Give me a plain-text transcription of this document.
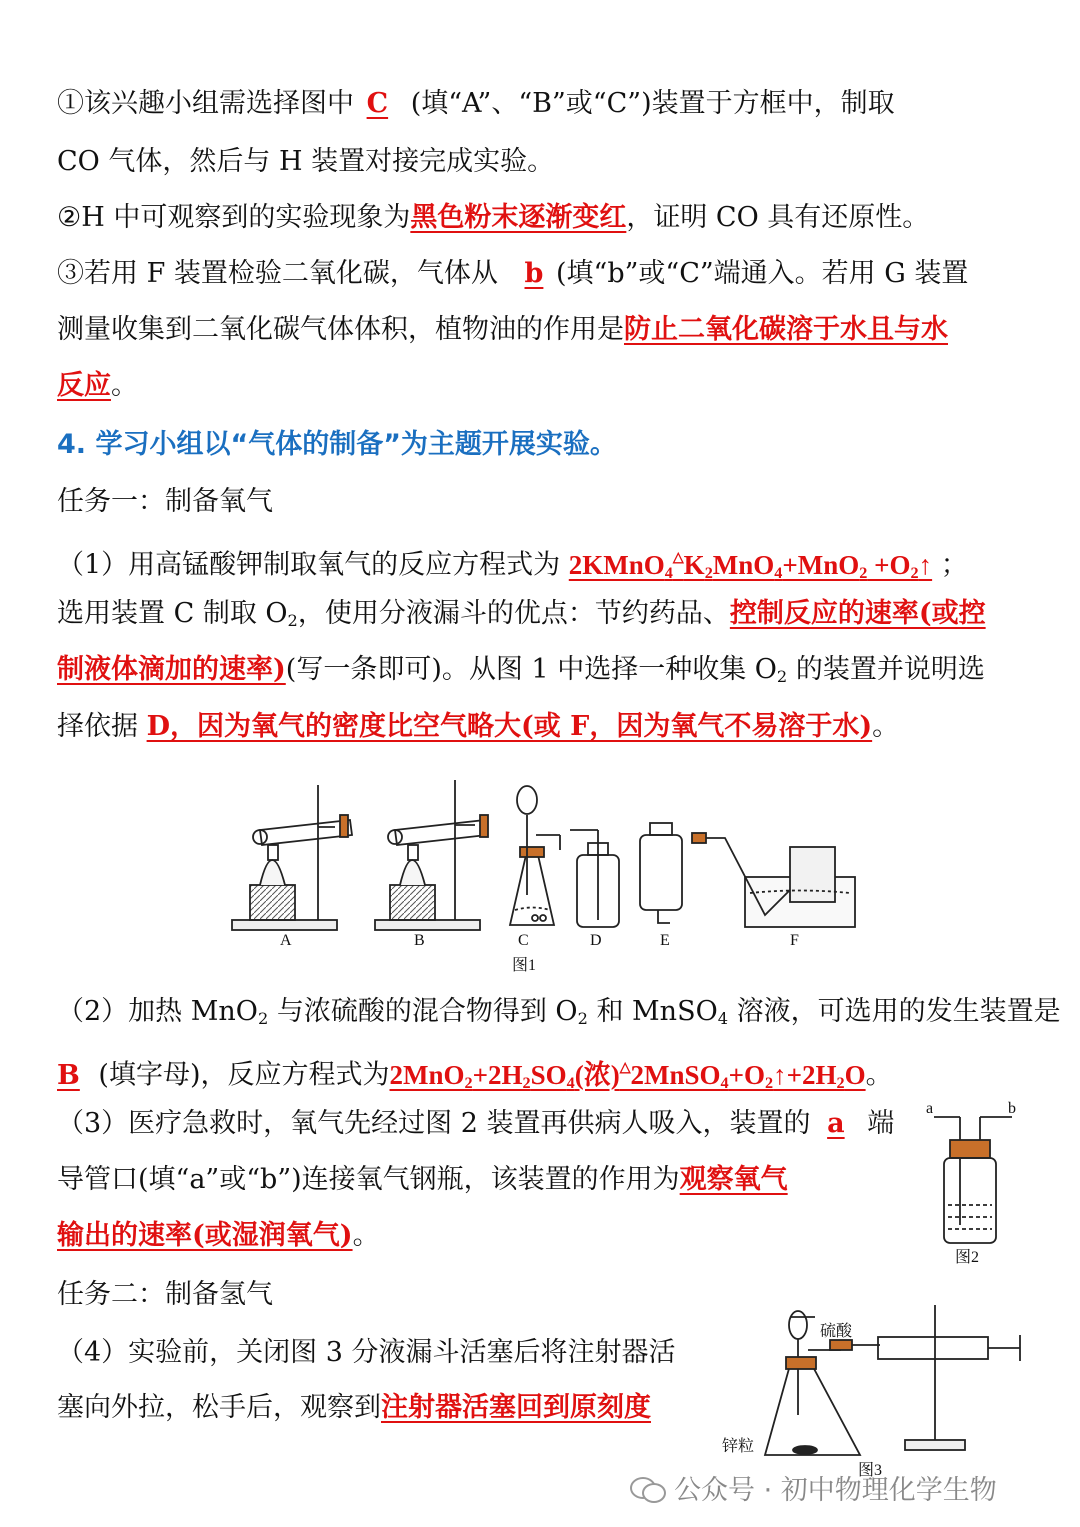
①该兴趣小组需选择图中 C (填“A”、“B”或“C”)装置于方框中，制取
CO 气体，然后与 H 装置对接完成实验。
②H 中可观察到的实验现象为黑色粉末逐渐变红，证明 CO 具有还原性。
③若用 F 装置检验二氧化碳，气体从 b (填“b”或“C”端通入。若用 G 装置
测量收集到二氧化碳气体体积，植物油的作用是防止二氧化碳溶于水且与水
反应。
4. 学习小组以“气体的制备”为主题开展实验。
任务一：制备氧气
（1）用高锰酸钾制取氧气的反应方程式为 $2KMnO_4^\triangle K_2MnO_4+MnO_2$ $+O_2↑$ ；
选用装置 C 制取 $O_2$，使用分液漏斗的优点：节约药品、控制反应的速率(或控
制液体滴加的速率)(写一条即可)。从图 1 中选择一种收集 $O_2$ 的装置并说明选
择依据 D，因为氧气的密度比空气略大(或 F，因为氧气不易溶于水)。
A	B	C	D	E	F
图1
（2）加热 MnO$_2$ 与浓硫酸的混合物得到 $O_2$ 和 MnSO$_4$ 溶液，可选用的发生装置是
B (填字母)，反应方程式为$2MnO_2+2H_2SO_4$(浓)$^\triangle 2MnSO_4+O_2↑+2H_2O$。
（3）医疗急救时，氧气先经过图 2 装置再供病人吸入，装置的 a 端
导管口(填“a”或“b”)连接氧气钢瓶，该装置的作用为观察氧气
输出的速率(或湿润氧气)。
a	b
图2
任务二：制备氢气
（4）实验前，关闭图 3 分液漏斗活塞后将注射器活
塞向外拉，松手后，观察到注射器活塞回到原刻度
硫酸
锌粒
图3
公众号 · 初中物理化学生物
